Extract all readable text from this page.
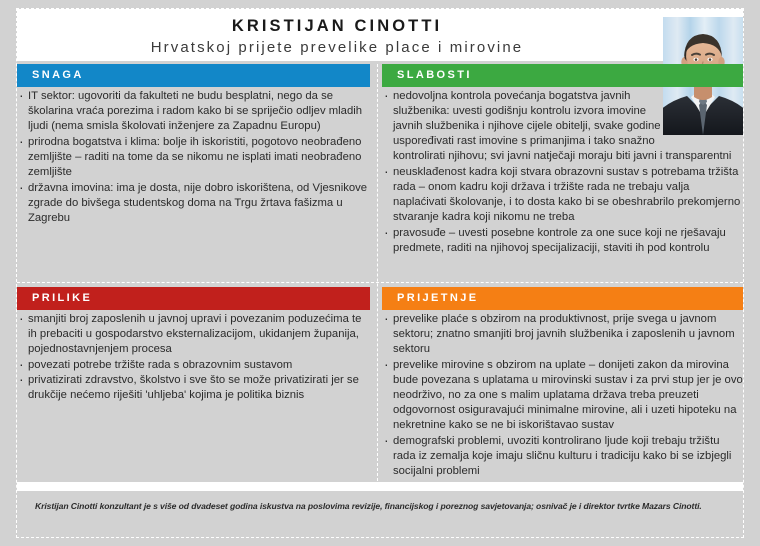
KRISTIJAN CINOTTI
Hrvatskoj prijete prevelike place i mirovine
SNAGA
· IT sektor: ugovoriti da fakulteti ne budu besplatni, nego da se školarina vraća porezima i radom kako bi se spriječio odljev mladih ljudi (nema smisla školovati inženjere za Zapadnu Europu)
· prirodna bogatstva i klima: bolje ih iskoristiti, pogotovo neobrađeno zemljište – raditi na tome da se nikomu ne isplati imati neobrađeno zemljište
· državna imovina: ima je dosta, nije dobro iskorištena, od Vjesnikove zgrade do bivšega studentskog doma na Trgu žrtava fašizma u Zagrebu
SLABOSTI
· nedovoljna kontrola povećanja bogatstva javnih službenika: uvesti godišnju kontrolu izvora imovine javnih službenika i njihove cijele obitelji, svake godine uspoređivati rast imovine s primanjima i tako snažno kontrolirati njihovu; svi javni natječaji moraju biti javni i transparentni
· neusklađenost kadra koji stvara obrazovni sustav s potrebama tržišta rada – onom kadru koji država i tržište rada ne trebaju valja naplaćivati školovanje, i to dosta kako bi se obeshrabrilo prekomjerno stvaranje kadra koji nikomu ne treba
· pravosuđe – uvesti posebne kontrole za one suce koji ne rješavaju predmete, raditi na njihovoj specijalizaciji, staviti ih pod kontrolu
PRILIKE
· smanjiti broj zaposlenih u javnoj upravi i povezanim poduzećima te ih prebaciti u gospodarstvo eksternalizacijom, ukidanjem županija, pojednostavnjenjem procesa
· povezati potrebe tržište rada s obrazovnim sustavom
· privatizirati zdravstvo, školstvo i sve što se može privatizirati jer se drukčije nećemo riješiti 'uhljeba' kojima je politika biznis
PRIJETNJE
· prevelike plaće s obzirom na produktivnost, prije svega u javnom sektoru; znatno smanjiti broj javnih službenika i zaposlenih u javnom sektoru
· prevelike mirovine s obzirom na uplate – donijeti zakon da mirovina bude povezana s uplatama u mirovinski sustav i za prvi stup jer je ovo neodrživo, no za one s malim uplatama država treba preuzeti odgovornost osiguravajući minimalne mirovine, ali i uzeti hipoteku na nekretnine kako se ne bi iskorištavao sustav
· demografski problemi, uvoziti kontrolirano ljude koji trebaju tržištu rada iz zemalja koje imaju sličnu kulturu i tradiciju kako bi se izbjegli socijalni problemi
Kristijan Cinotti konzultant je s više od dvadeset godina iskustva na poslovima revizije, financijskog i poreznog savjetovanja; osnivač je i direktor tvrtke Mazars Cinotti.
